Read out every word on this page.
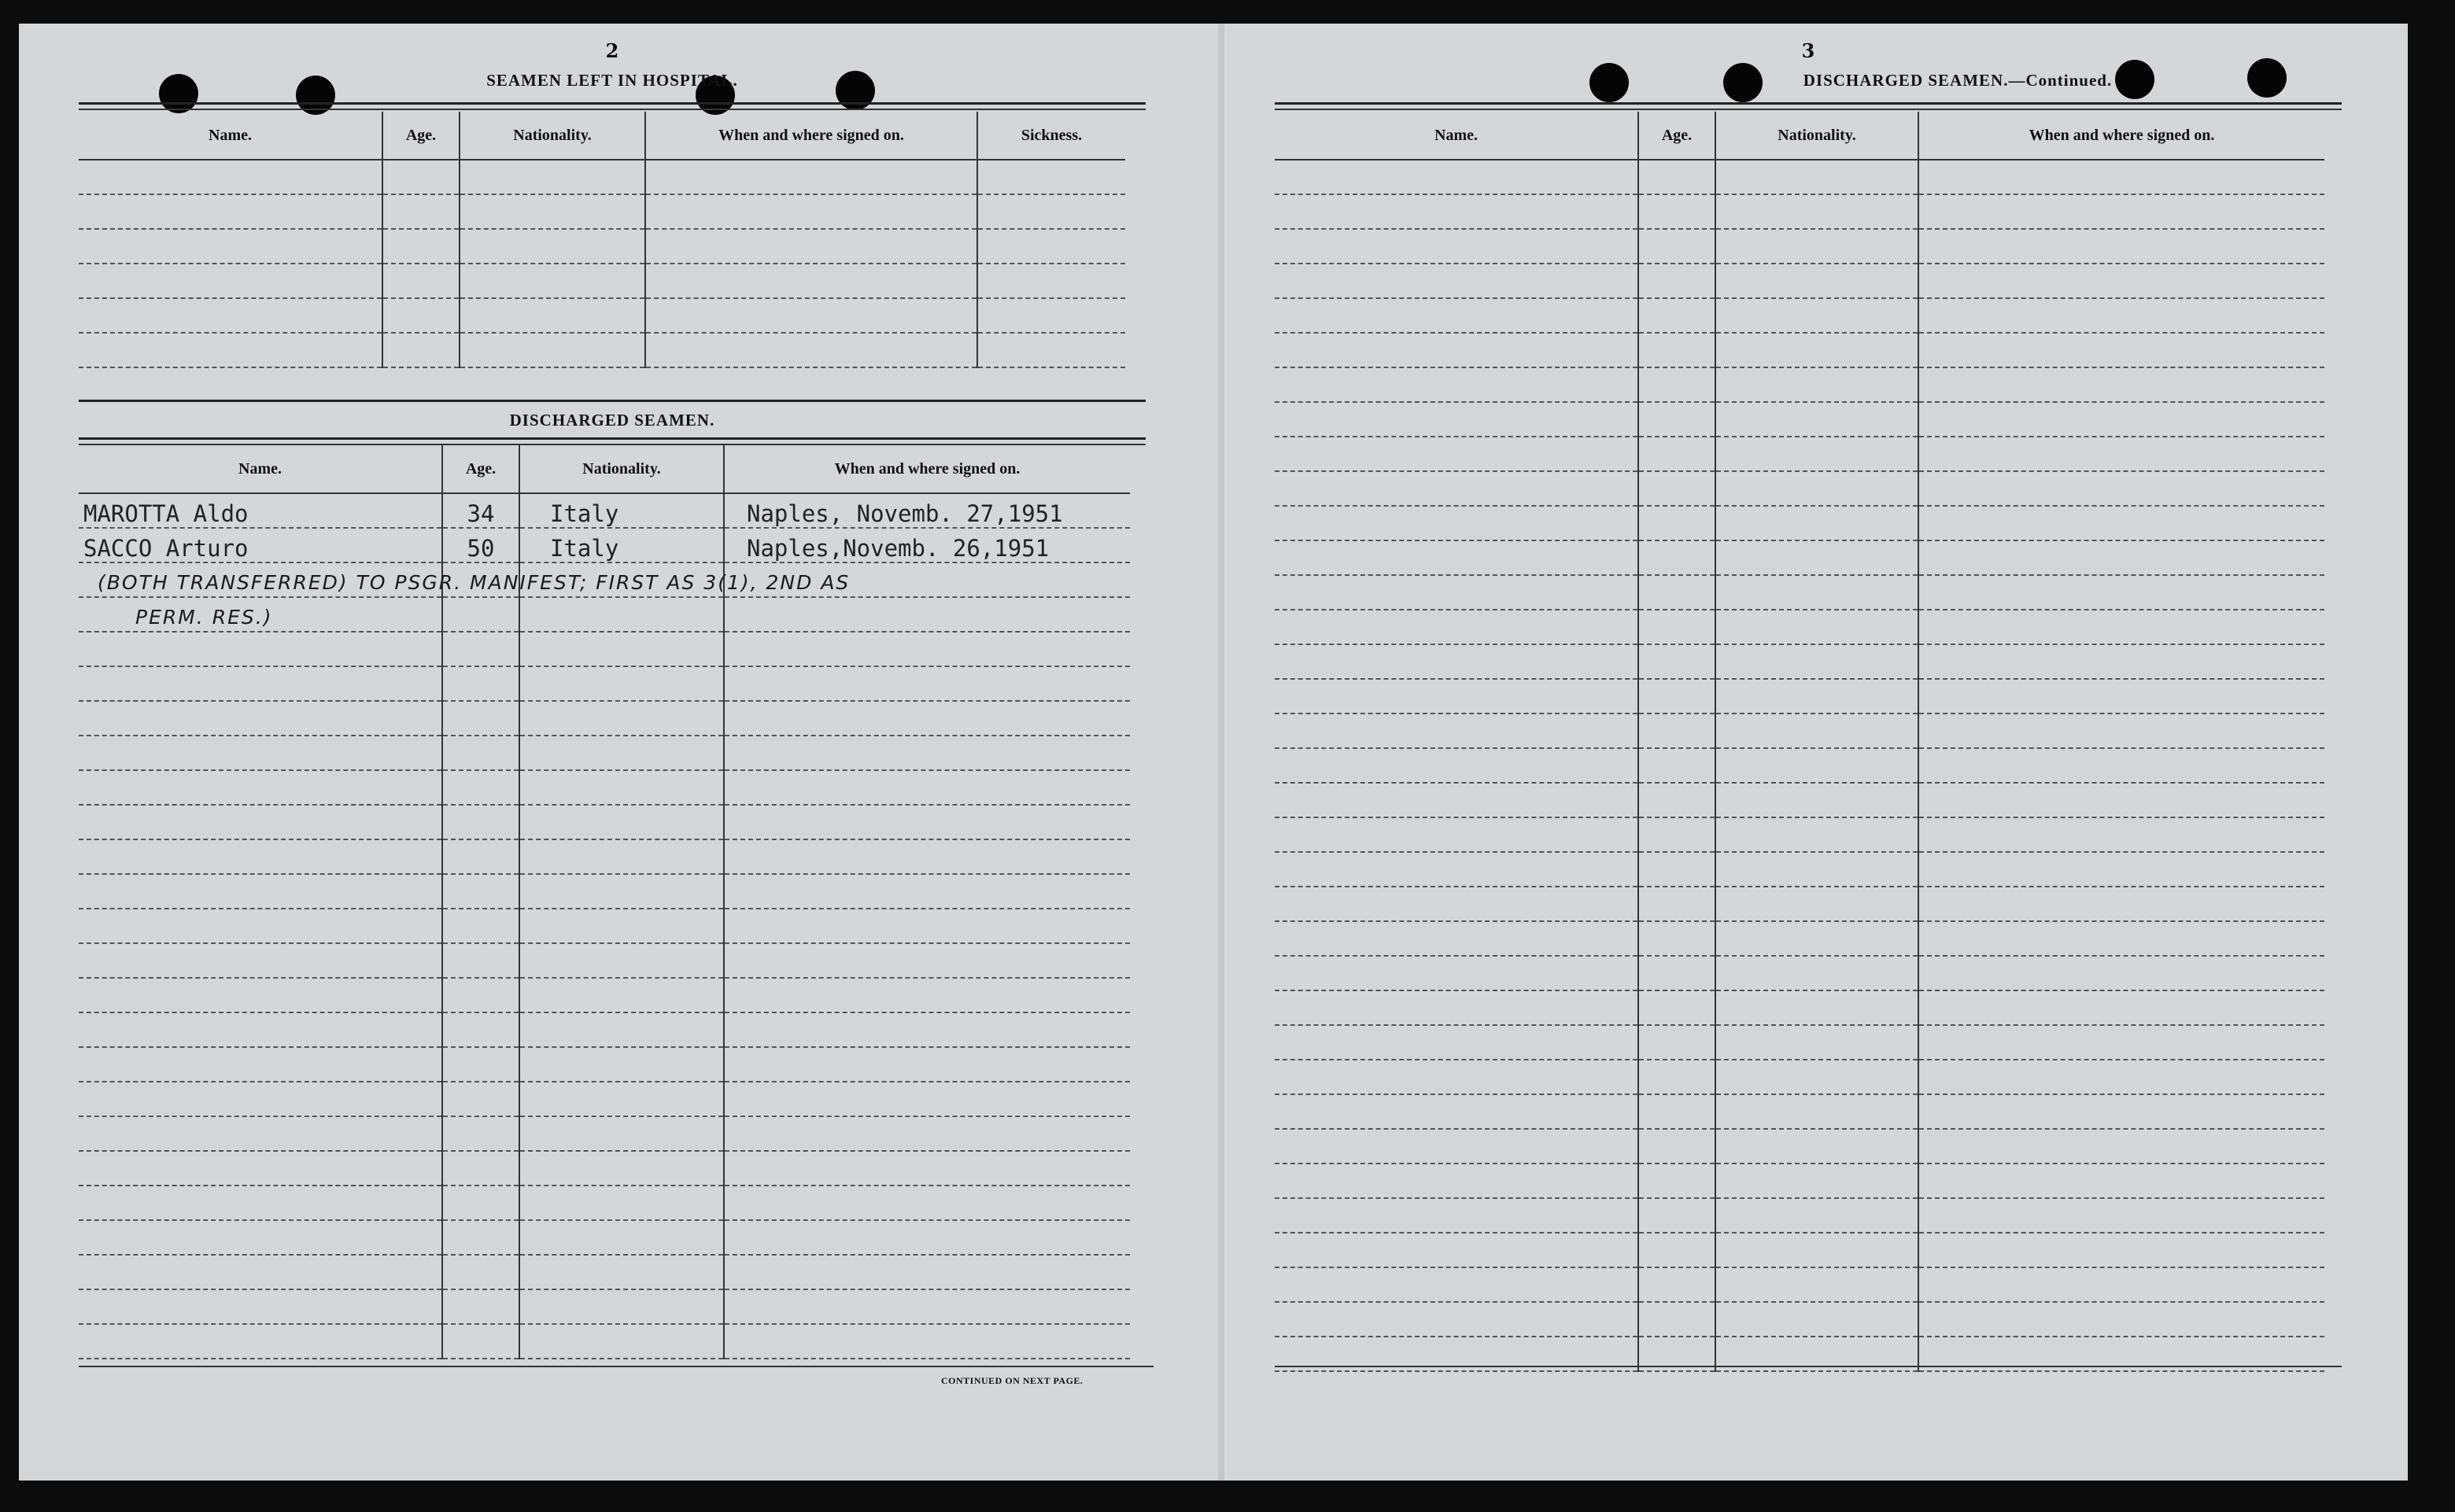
2
SEAMEN LEFT IN HOSPITAL.
Name.	Age.	Nationality.	When and where signed on.	Sickness.

DISCHARGED SEAMEN.
Name.	Age.	Nationality.	When and where signed on.
MAROTTA Aldo	34	Italy	Naples, Novemb. 27,1951
SACCO Arturo	50	Italy	Naples,Novemb. 26,1951

(BOTH TRANSFERRED) TO PSGR. MANIFEST; FIRST AS 3(1), 2ND AS
PERM. RES.)
CONTINUED ON NEXT PAGE.
3
DISCHARGED SEAMEN.—Continued.
Name.	Age.	Nationality.	When and where signed on.
